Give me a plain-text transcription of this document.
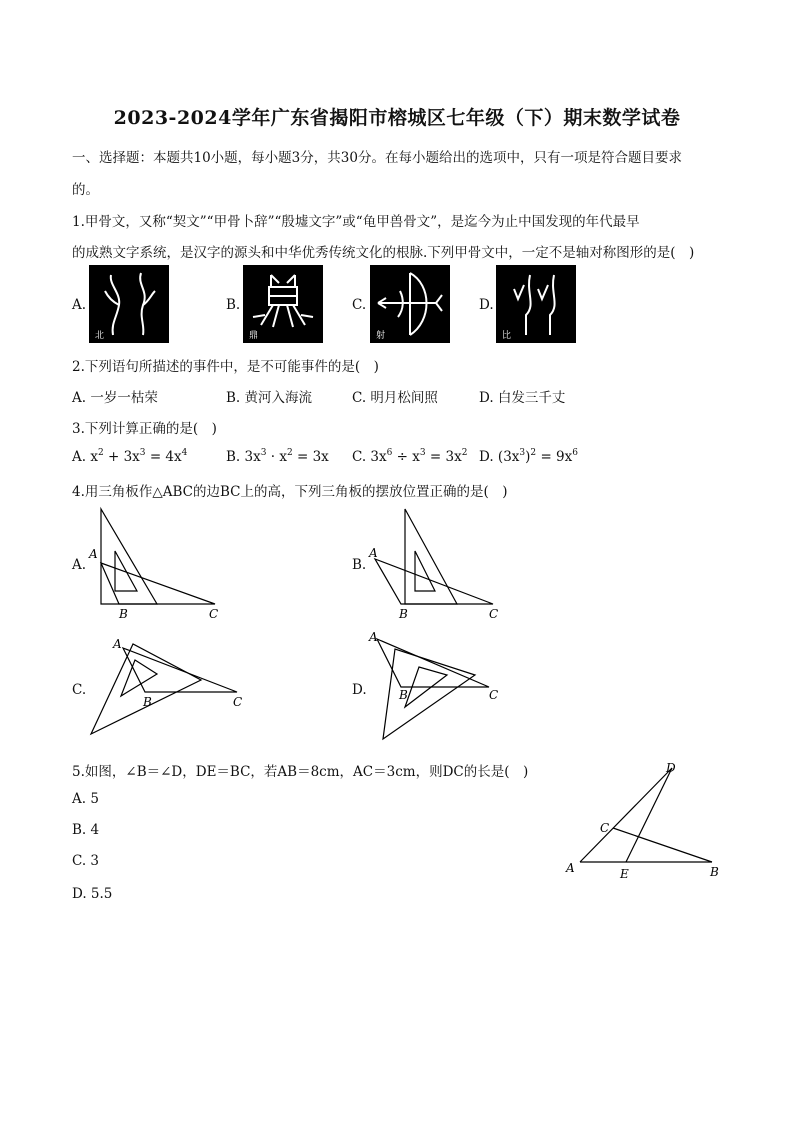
2023-2024学年广东省揭阳市榕城区七年级（下）期末数学试卷
一、选择题：本题共10小题，每小题3分，共30分。在每小题给出的选项中，只有一项是符合题目要求
的。
1.甲骨文，又称“契文”“甲骨卜辞”“殷墟文字”或“龟甲兽骨文”，是迄今为止中国发现的年代最早
的成熟文字系统，是汉字的源头和中华优秀传统文化的根脉.下列甲骨文中，一定不是轴对称图形的是(　)
A.
北
B.
鼎
C.
射
D.
比
2.下列语句所描述的事件中，是不可能事件的是(　)
A. 一岁一枯荣	B. 黄河入海流	C. 明月松间照	D. 白发三千丈
3.下列计算正确的是(　)
A. $x^2 + 3x^3 = 4x^4$	B. $3x^3 \cdot x^2 = 3x$ C. $3x^6 \div x^3 = 3x^2$ D. $(3x^3)^2 = 9x^6$
4.用三角板作△ABC的边BC上的高，下列三角板的摆放位置正确的是(　)
A.
A
B	C
B.
A
B	C
C.
A
B	C
D.
A
B	C
5.如图，∠B＝∠D，DE＝BC，若AB＝8cm，AC＝3cm，则DC的长是(　)
A. 5
B. 4
C. 3
D. 5.5
A	B
C
D
E
